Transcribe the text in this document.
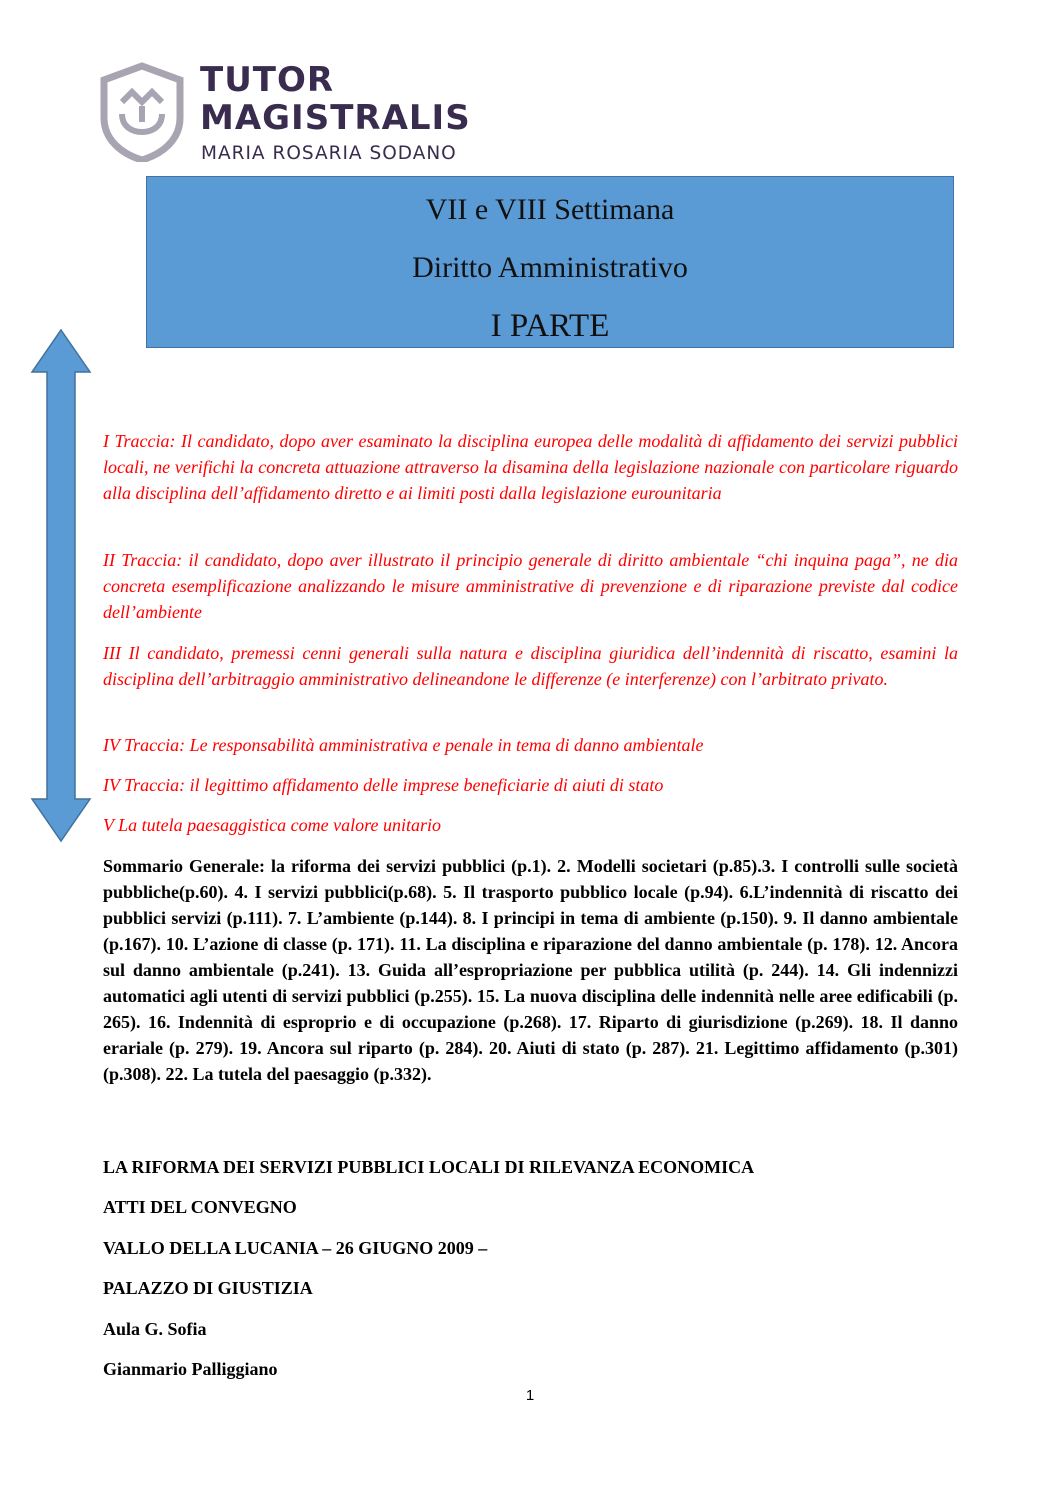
TUTOR
MAGISTRALIS
MARIA ROSARIA SODANO
VII e VIII Settimana
Diritto Amministrativo
I PARTE
I Traccia: Il candidato, dopo aver esaminato la disciplina europea delle modalità di affidamento dei servizi pubblici locali, ne verifichi la concreta attuazione attraverso la disamina della legislazione nazionale con particolare riguardo alla disciplina dell’affidamento diretto e ai limiti posti dalla legislazione eurounitaria
II Traccia: il candidato, dopo aver illustrato il principio generale di diritto ambientale “chi inquina paga”, ne dia concreta esemplificazione analizzando le misure amministrative di prevenzione e di riparazione previste dal codice dell’ambiente
III Il candidato, premessi cenni generali sulla natura e disciplina giuridica dell’indennità di riscatto, esamini la disciplina dell’arbitraggio amministrativo delineandone le differenze (e interferenze) con l’arbitrato privato.
IV Traccia: Le responsabilità amministrativa e penale in tema di danno ambientale
IV Traccia: il legittimo affidamento delle imprese beneficiarie di aiuti di stato
V La tutela paesaggistica come valore unitario
Sommario Generale: la riforma dei servizi pubblici (p.1). 2. Modelli societari (p.85).3. I controlli sulle società pubbliche(p.60). 4. I servizi pubblici(p.68). 5. Il trasporto pubblico locale (p.94). 6.L’indennità di riscatto dei pubblici servizi (p.111). 7. L’ambiente (p.144). 8. I principi in tema di ambiente (p.150). 9. Il danno ambientale (p.167). 10. L’azione di classe (p. 171). 11. La disciplina e riparazione del danno ambientale (p. 178). 12. Ancora sul danno ambientale (p.241). 13. Guida all’espropriazione per pubblica utilità (p. 244). 14. Gli indennizzi automatici agli utenti di servizi pubblici (p.255). 15. La nuova disciplina delle indennità nelle aree edificabili (p. 265). 16. Indennità di esproprio e di occupazione (p.268). 17. Riparto di giurisdizione (p.269). 18. Il danno erariale (p. 279). 19. Ancora sul riparto (p. 284). 20. Aiuti di stato (p. 287). 21. Legittimo affidamento (p.301) (p.308). 22. La tutela del paesaggio (p.332).
LA RIFORMA DEI SERVIZI PUBBLICI LOCALI DI RILEVANZA ECONOMICA
ATTI DEL CONVEGNO
VALLO DELLA LUCANIA – 26 GIUGNO 2009 –
PALAZZO DI GIUSTIZIA
Aula G. Sofia
Gianmario Palliggiano
1
